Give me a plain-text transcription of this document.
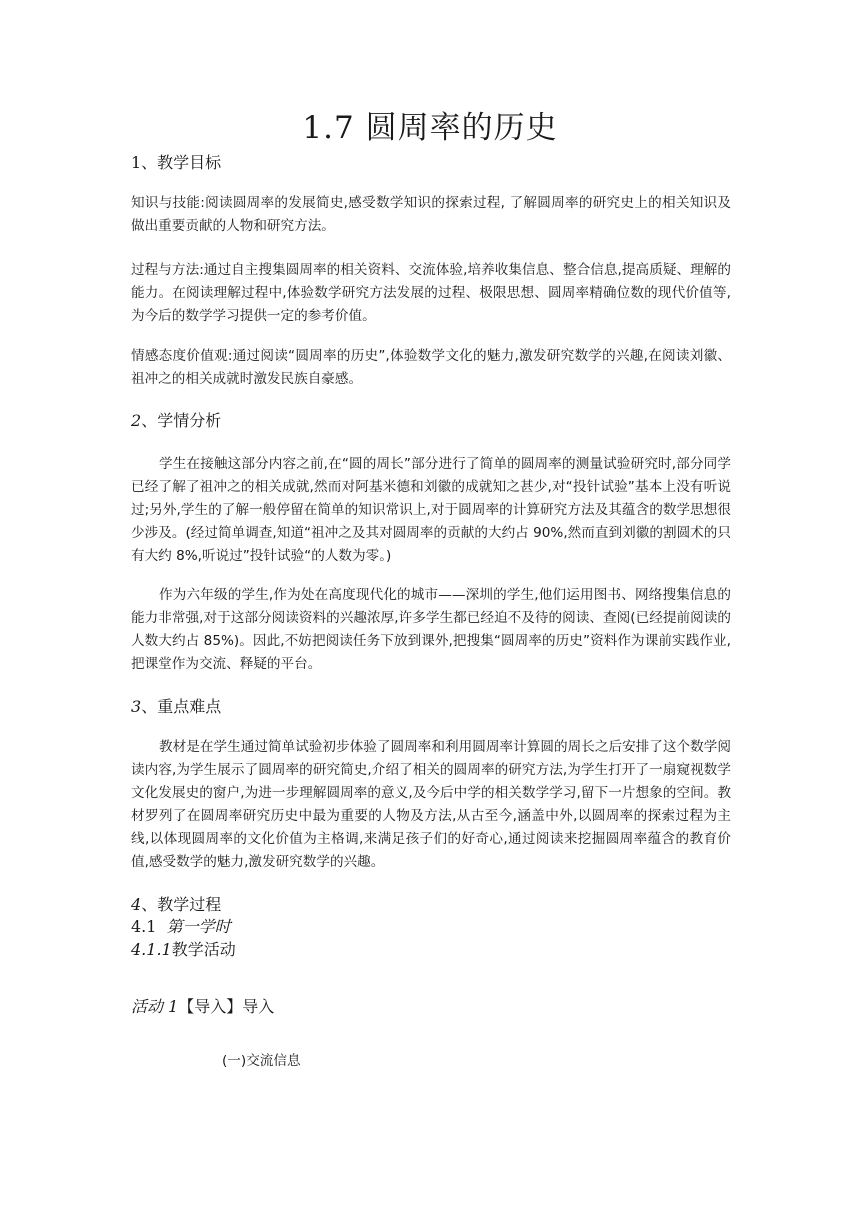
1.7 圆周率的历史
1、教学目标
知识与技能:阅读圆周率的发展简史,感受数学知识的探索过程, 了解圆周率的研究史上的相关知识及做出重要贡献的人物和研究方法。
过程与方法:通过自主搜集圆周率的相关资料、交流体验,培养收集信息、整合信息,提高质疑、理解的能力。在阅读理解过程中,体验数学研究方法发展的过程、极限思想、圆周率精确位数的现代价值等,为今后的数学学习提供一定的参考价值。
情感态度价值观:通过阅读“圆周率的历史”,体验数学文化的魅力,激发研究数学的兴趣,在阅读刘徽、祖冲之的相关成就时激发民族自豪感。
2、学情分析
学生在接触这部分内容之前,在“圆的周长”部分进行了简单的圆周率的测量试验研究时,部分同学已经了解了祖冲之的相关成就,然而对阿基米德和刘徽的成就知之甚少,对“投针试验”基本上没有听说过;另外,学生的了解一般停留在简单的知识常识上,对于圆周率的计算研究方法及其蕴含的数学思想很少涉及。(经过简单调查,知道“祖冲之及其对圆周率的贡献的大约占 90%,然而直到刘徽的割圆术的只有大约 8%,听说过”投针试验“的人数为零。)
作为六年级的学生,作为处在高度现代化的城市——深圳的学生,他们运用图书、网络搜集信息的能力非常强,对于这部分阅读资料的兴趣浓厚,许多学生都已经迫不及待的阅读、查阅(已经提前阅读的人数大约占 85%)。因此,不妨把阅读任务下放到课外,把搜集“圆周率的历史”资料作为课前实践作业,把课堂作为交流、释疑的平台。
3、重点难点
教材是在学生通过简单试验初步体验了圆周率和利用圆周率计算圆的周长之后安排了这个数学阅读内容,为学生展示了圆周率的研究简史,介绍了相关的圆周率的研究方法,为学生打开了一扇窥视数学文化发展史的窗户,为进一步理解圆周率的意义,及今后中学的相关数学学习,留下一片想象的空间。教材罗列了在圆周率研究历史中最为重要的人物及方法,从古至今,涵盖中外,以圆周率的探索过程为主线,以体现圆周率的文化价值为主格调,来满足孩子们的好奇心,通过阅读来挖掘圆周率蕴含的教育价值,感受数学的魅力,激发研究数学的兴趣。
4、教学过程
4.1 第一学时
4.1.1教学活动
活动 1【导入】导入
(一)交流信息
